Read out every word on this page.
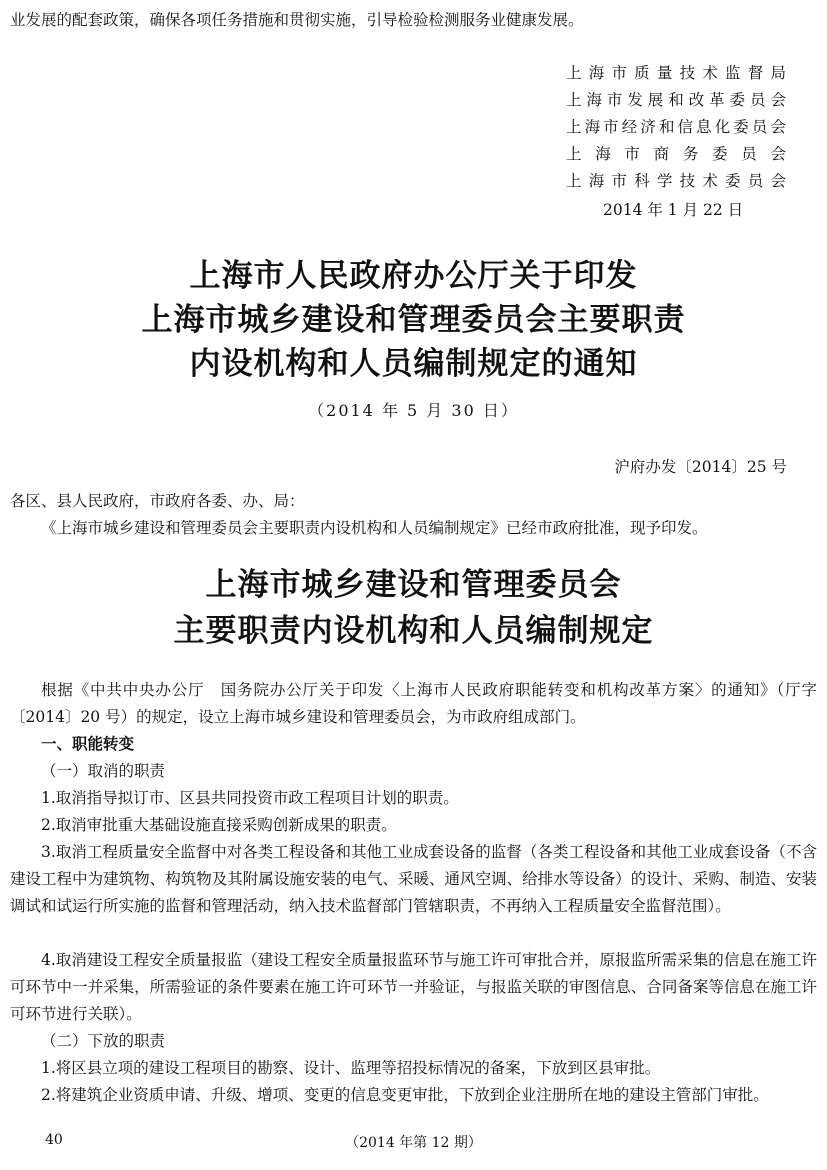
业发展的配套政策，确保各项任务措施和贯彻实施，引导检验检测服务业健康发展。
上海市质量技术监督局
上海市发展和改革委员会
上海市经济和信息化委员会
上海市商务委员会
上海市科学技术委员会
2014 年 1 月 22 日
上海市人民政府办公厅关于印发
上海市城乡建设和管理委员会主要职责
内设机构和人员编制规定的通知
（2014 年 5 月 30 日）
沪府办发〔2014〕25 号

各区、县人民政府，市政府各委、办、局：

《上海市城乡建设和管理委员会主要职责内设机构和人员编制规定》已经市政府批准，现予印发。

上海市城乡建设和管理委员会
主要职责内设机构和人员编制规定

根据《中共中央办公厅　国务院办公厅关于印发〈上海市人民政府职能转变和机构改革方案〉的通知》（厅字〔2014〕20 号）的规定，设立上海市城乡建设和管理委员会，为市政府组成部门。

一、职能转变

（一）取消的职责

1.取消指导拟订市、区县共同投资市政工程项目计划的职责。

2.取消审批重大基础设施直接采购创新成果的职责。

3.取消工程质量安全监督中对各类工程设备和其他工业成套设备的监督（各类工程设备和其他工业成套设备（不含建设工程中为建筑物、构筑物及其附属设施安装的电气、采暖、通风空调、给排水等设备）的设计、采购、制造、安装调试和试运行所实施的监督和管理活动，纳入技术监督部门管辖职责，不再纳入工程质量安全监督范围）。

4.取消建设工程安全质量报监（建设工程安全质量报监环节与施工许可审批合并，原报监所需采集的信息在施工许可环节中一并采集，所需验证的条件要素在施工许可环节一并验证，与报监关联的审图信息、合同备案等信息在施工许可环节进行关联）。

（二）下放的职责

1.将区县立项的建设工程项目的勘察、设计、监理等招投标情况的备案，下放到区县审批。

2.将建筑企业资质申请、升级、增项、变更的信息变更审批，下放到企业注册所在地的建设主管部门审批。

40	（2014 年第 12 期）
